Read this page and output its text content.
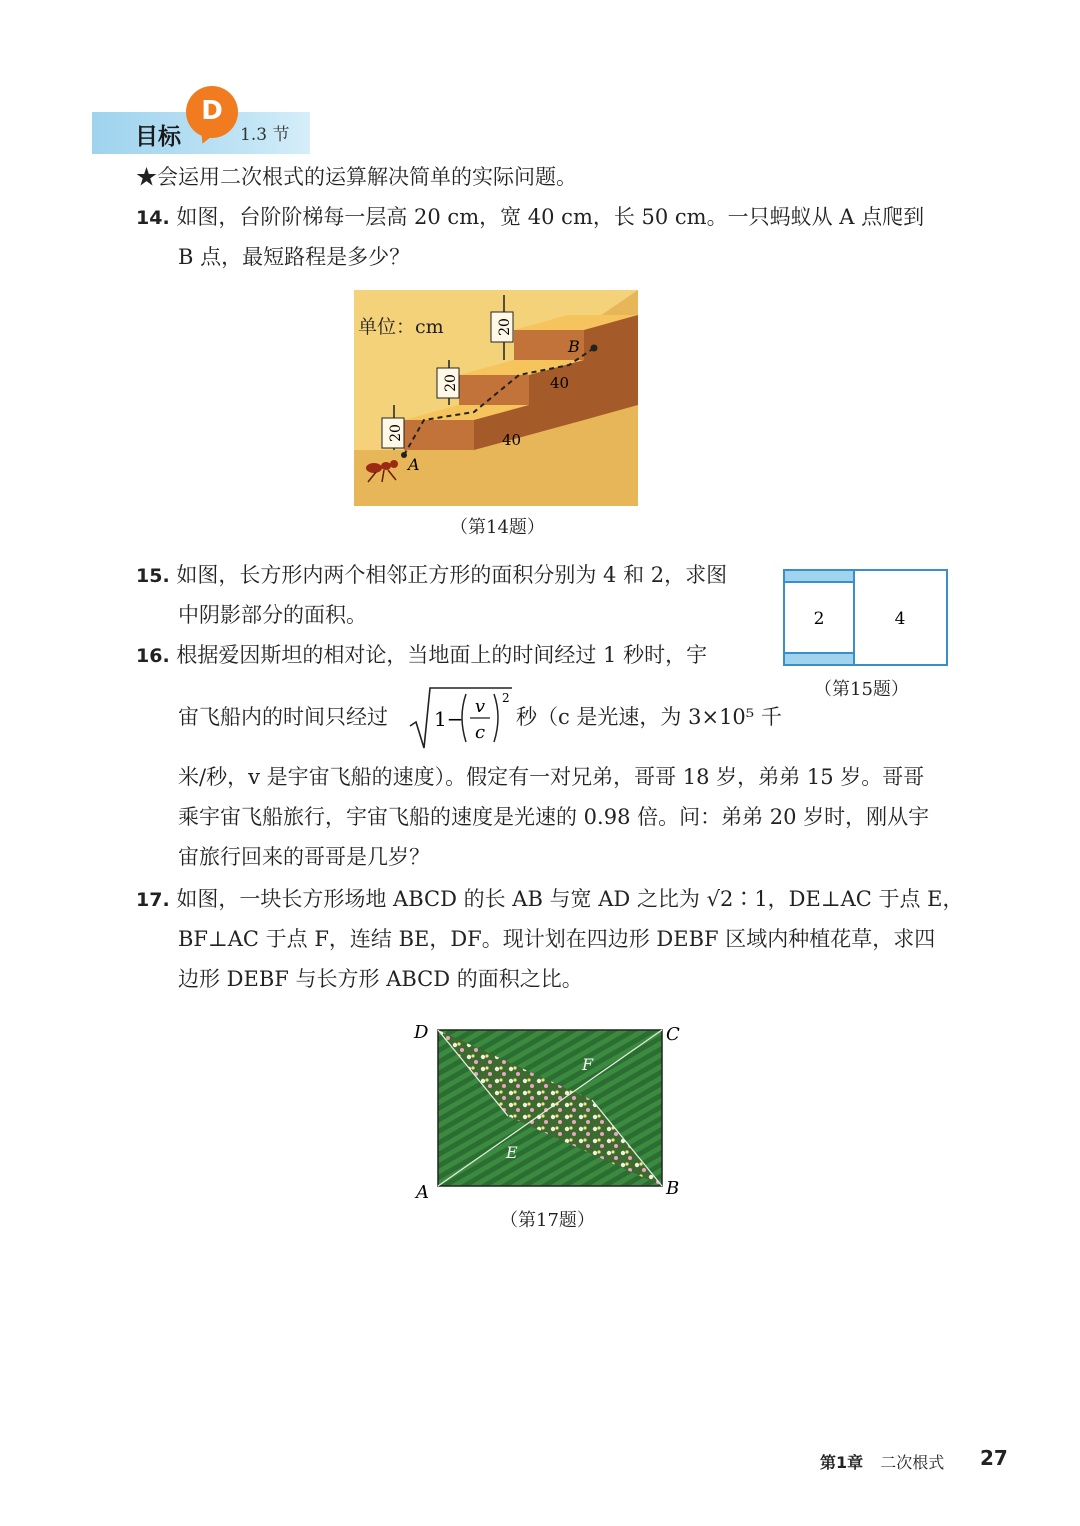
D
目标	1.3 节
★会运用二次根式的运算解决简单的实际问题。
14. 如图，台阶阶梯每一层高 20 cm，宽 40 cm，长 50 cm。一只蚂蚁从 A 点爬到
B 点，最短路程是多少？
20
20
20
40
40
A
B
单位：cm
（第14题）
15. 如图，长方形内两个相邻正方形的面积分别为 4 和 2，求图
中阴影部分的面积。	2	4
（第15题）
16. 根据爱因斯坦的相对论，当地面上的时间经过 1 秒时，宇
宙飞船内的时间只经过 1−
v
c
2
秒（c 是光速，为 3×10⁵ 千
米/秒，v 是宇宙飞船的速度）。假定有一对兄弟，哥哥 18 岁，弟弟 15 岁。哥哥
乘宇宙飞船旅行，宇宙飞船的速度是光速的 0.98 倍。问：弟弟 20 岁时，刚从宇
宙旅行回来的哥哥是几岁？
17. 如图，一块长方形场地 ABCD 的长 AB 与宽 AD 之比为 √2∶1，DE⊥AC 于点 E，
BF⊥AC 于点 F，连结 BE，DF。现计划在四边形 DEBF 区域内种植花草，求四
边形 DEBF 与长方形 ABCD 的面积之比。
D	C
A	B
E
F
（第17题）
第1章 二次根式 27
